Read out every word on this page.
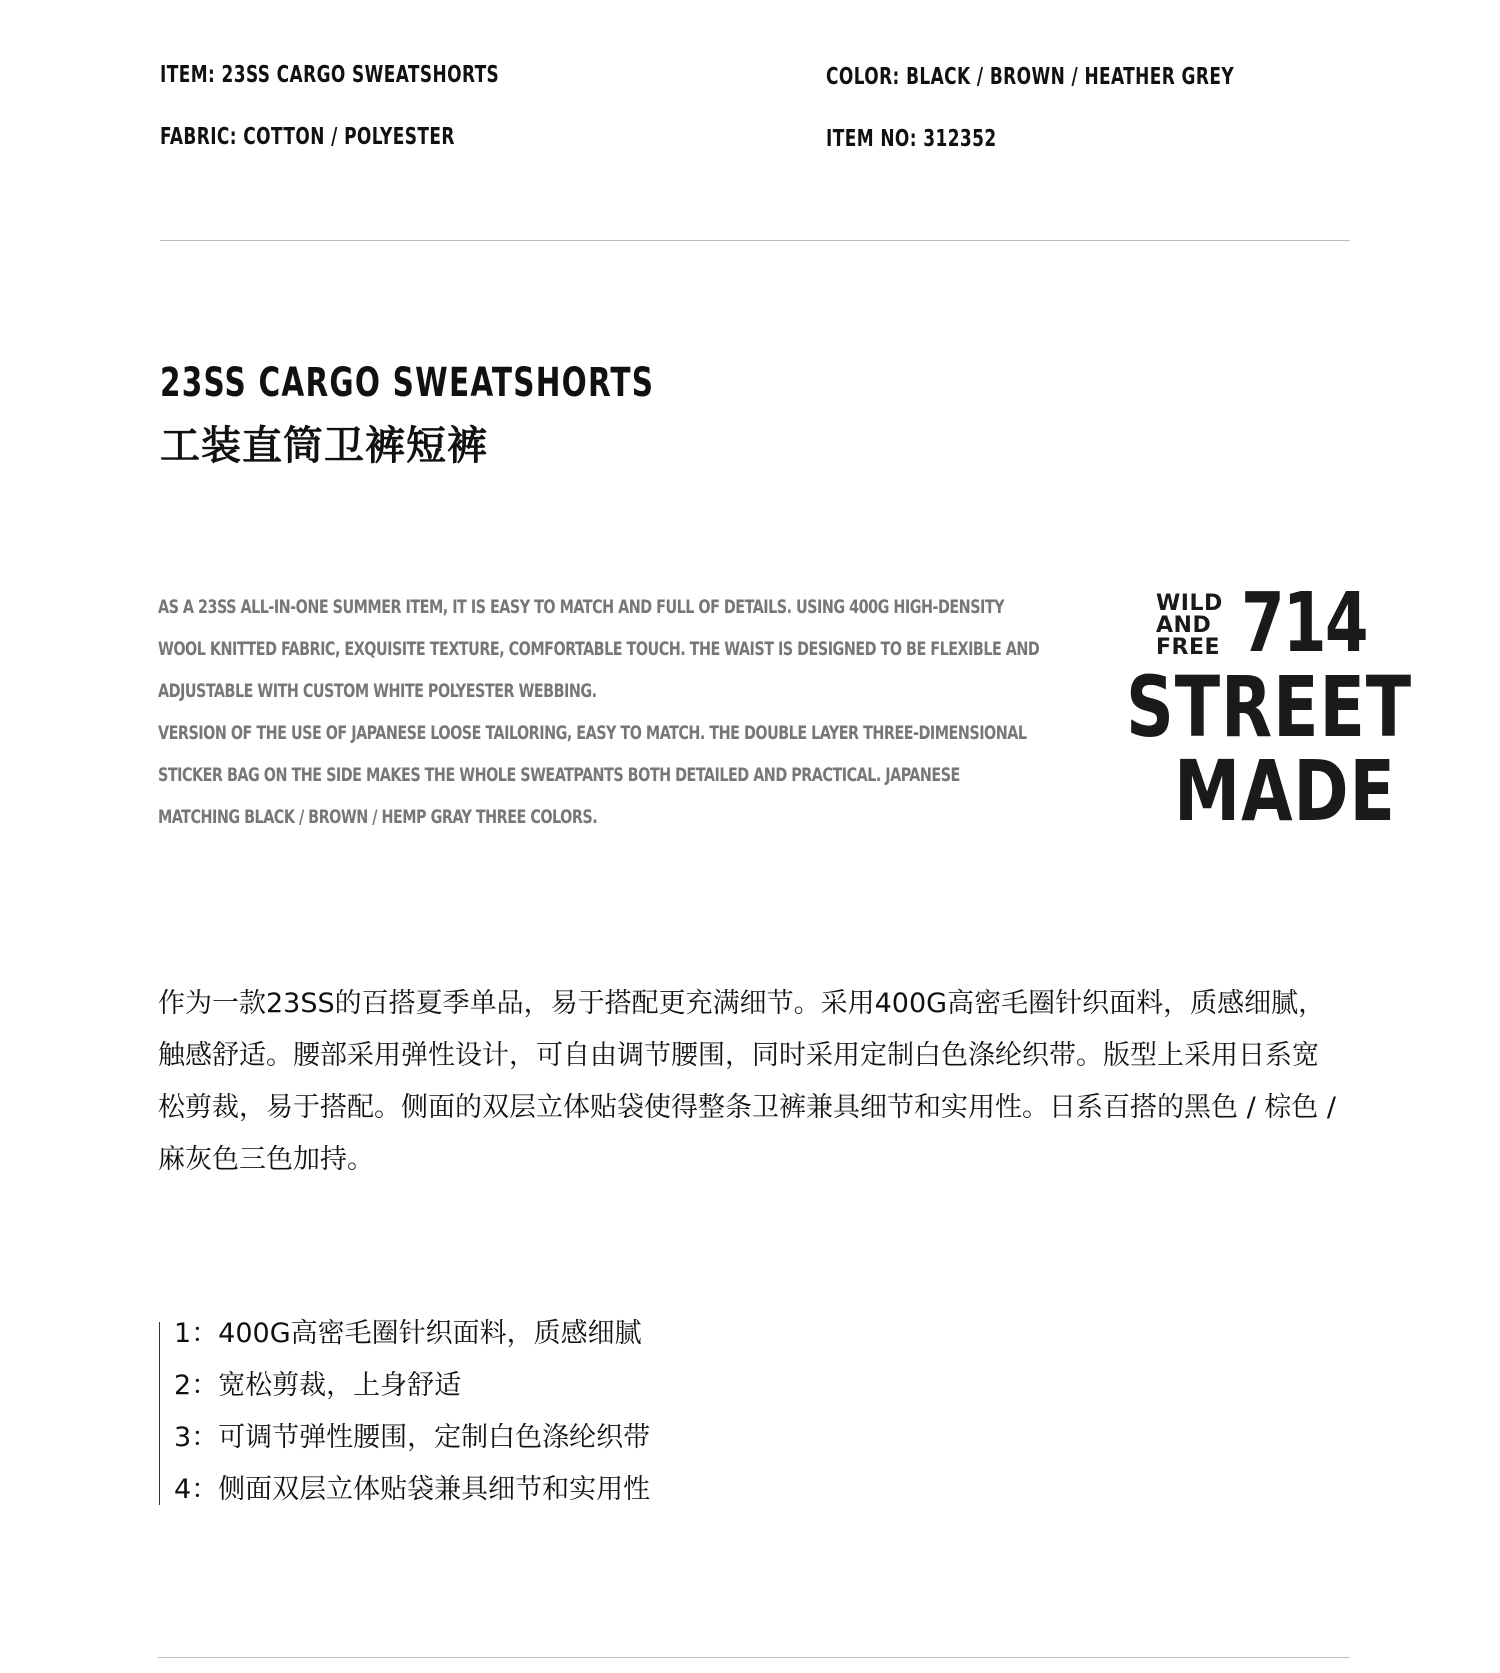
ITEM: 23SS CARGO SWEATSHORTS
FABRIC: COTTON / POLYESTER
COLOR: BLACK / BROWN / HEATHER GREY
ITEM NO: 312352
23SS CARGO SWEATSHORTS
工装直筒卫裤短裤

AS A 23SS ALL-IN-ONE SUMMER ITEM, IT IS EASY TO MATCH AND FULL OF DETAILS. USING 400G HIGH-DENSITY WOOL KNITTED FABRIC, EXQUISITE TEXTURE, COMFORTABLE TOUCH. THE WAIST IS DESIGNED TO BE FLEXIBLE AND ADJUSTABLE WITH CUSTOM WHITE POLYESTER WEBBING.

VERSION OF THE USE OF JAPANESE LOOSE TAILORING, EASY TO MATCH. THE DOUBLE LAYER THREE-DIMENSIONAL STICKER BAG ON THE SIDE MAKES THE WHOLE SWEATPANTS BOTH DETAILED AND PRACTICAL. JAPANESE MATCHING BLACK / BROWN / HEMP GRAY THREE COLORS.

WILD
AND
FREE 714
STREET
MADE

作为一款23SS的百搭夏季单品，易于搭配更充满细节。采用400G高密毛圈针织面料，质感细腻，触感舒适。腰部采用弹性设计，可自由调节腰围，同时采用定制白色涤纶织带。版型上采用日系宽松剪裁，易于搭配。侧面的双层立体贴袋使得整条卫裤兼具细节和实用性。日系百搭的黑色 / 棕色 / 麻灰色三色加持。

1：400G高密毛圈针织面料，质感细腻
2：宽松剪裁，上身舒适
3：可调节弹性腰围，定制白色涤纶织带
4：侧面双层立体贴袋兼具细节和实用性
